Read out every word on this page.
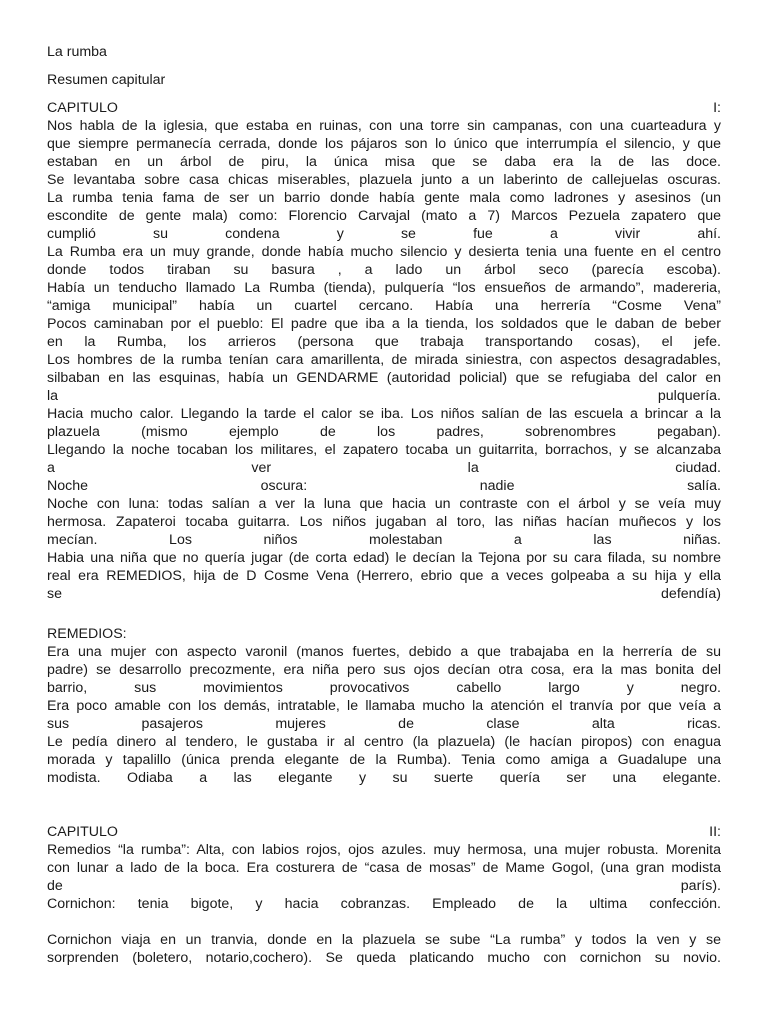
La rumba
Resumen capitular
CAPITULO I:
Nos habla de la iglesia, que estaba en ruinas, con una torre sin campanas, con una cuarteadura y
que siempre permanecía cerrada, donde los pájaros son lo único que interrumpía el silencio, y que
estaban en un árbol de piru, la única misa que se daba era la de las doce.
Se levantaba sobre casa chicas miserables, plazuela junto a un laberinto de callejuelas oscuras.
La rumba tenia fama de ser un barrio donde había gente mala como ladrones y asesinos (un
escondite de gente mala) como: Florencio Carvajal (mato a 7) Marcos Pezuela zapatero que
cumplió su condena y se fue a vivir ahí.
La Rumba era un muy grande, donde había mucho silencio y desierta tenia una fuente en el centro
donde todos tiraban su basura , a lado un árbol seco (parecía escoba).
Había un tenducho llamado La Rumba (tienda), pulquería “los ensueños de armando”, madereria,
“amiga municipal” había un cuartel cercano. Había una herrería “Cosme Vena”
Pocos caminaban por el pueblo: El padre que iba a la tienda, los soldados que le daban de beber
en la Rumba, los arrieros (persona que trabaja transportando cosas), el jefe.
Los hombres de la rumba tenían cara amarillenta, de mirada siniestra, con aspectos desagradables,
silbaban en las esquinas, había un GENDARME (autoridad policial) que se refugiaba del calor en
la pulquería.
Hacia mucho calor. Llegando la tarde el calor se iba. Los niños salían de las escuela a brincar a la
plazuela (mismo ejemplo de los padres, sobrenombres pegaban).
Llegando la noche tocaban los militares, el zapatero tocaba un guitarrita, borrachos, y se alcanzaba
a ver la ciudad.
Noche oscura: nadie salía.
Noche con luna: todas salían a ver la luna que hacia un contraste con el árbol y se veía muy
hermosa. Zapateroi tocaba guitarra. Los niños jugaban al toro, las niñas hacían muñecos y los
mecían. Los niños molestaban a las niñas.
Habia una niña que no quería jugar (de corta edad) le decían la Tejona por su cara filada, su nombre
real era REMEDIOS, hija de D Cosme Vena (Herrero, ebrio que a veces golpeaba a su hija y ella
se defendía)
REMEDIOS:
Era una mujer con aspecto varonil (manos fuertes, debido a que trabajaba en la herrería de su
padre) se desarrollo precozmente, era niña pero sus ojos decían otra cosa, era la mas bonita del
barrio, sus movimientos provocativos cabello largo y negro.
Era poco amable con los demás, intratable, le llamaba mucho la atención el tranvía por que veía a
sus pasajeros mujeres de clase alta ricas.
Le pedía dinero al tendero, le gustaba ir al centro (la plazuela) (le hacían piropos) con enagua
morada y tapalillo (única prenda elegante de la Rumba). Tenia como amiga a Guadalupe una
modista. Odiaba a las elegante y su suerte quería ser una elegante.
CAPITULO II:
Remedios “la rumba”: Alta, con labios rojos, ojos azules. muy hermosa, una mujer robusta. Morenita
con lunar a lado de la boca. Era costurera de “casa de mosas” de Mame Gogol, (una gran modista
de parís).
Cornichon: tenia bigote, y hacia cobranzas. Empleado de la ultima confección.
Cornichon viaja en un tranvia, donde en la plazuela se sube “La rumba” y todos la ven y se
sorprenden (boletero, notario,cochero). Se queda platicando mucho con cornichon su novio.
